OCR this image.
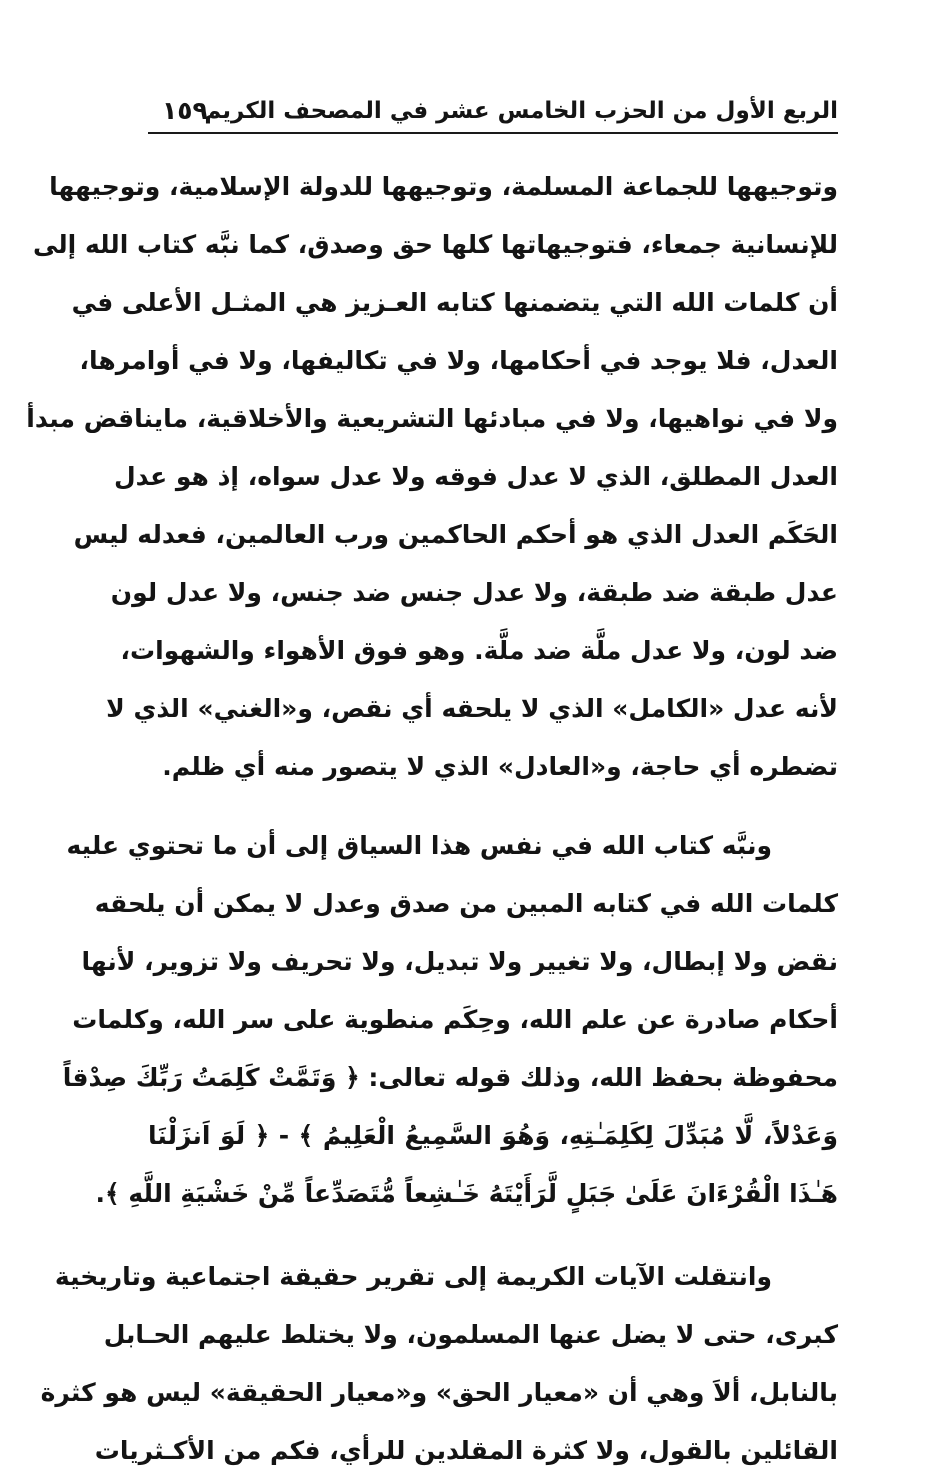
الربع الأول من الحزب الخامس عشر في المصحف الكريم
١٥٩
وتوجيهها للجماعة المسلمة، وتوجيهها للدولة الإسلامية، وتوجيهها
للإنسانية جمعاء، فتوجيهاتها كلها حق وصدق، كما نبَّه كتاب الله إلى
أن كلمات الله التي يتضمنها كتابه العـزيز هي المثـل الأعلى في
العدل، فلا يوجد في أحكامها، ولا في تكاليفها، ولا في أوامرها،
ولا في نواهيها، ولا في مبادئها التشريعية والأخلاقية، مايناقض مبدأ
العدل المطلق، الذي لا عدل فوقه ولا عدل سواه، إذ هو عدل
الحَكَم العدل الذي هو أحكم الحاكمين ورب العالمين، فعدله ليس
عدل طبقة ضد طبقة، ولا عدل جنس ضد جنس، ولا عدل لون
ضد لون، ولا عدل ملَّة ضد ملَّة. وهو فوق الأهواء والشهوات،
لأنه عدل «الكامل» الذي لا يلحقه أي نقص، و«الغني» الذي لا
تضطره أي حاجة، و«العادل» الذي لا يتصور منه أي ظلم.
ونبَّه كتاب الله في نفس هذا السياق إلى أن ما تحتوي عليه
كلمات الله في كتابه المبين من صدق وعدل لا يمكن أن يلحقه
نقض ولا إبطال، ولا تغيير ولا تبديل، ولا تحريف ولا تزوير، لأنها
أحكام صادرة عن علم الله، وحِكَم منطوية على سر الله، وكلمات
محفوظة بحفظ الله، وذلك قوله تعالى: ﴿ وَتَمَّتْ كَلِمَتُ رَبِّكَ صِدْقاً
وَعَدْلاً، لَّا مُبَدِّلَ لِكَلِمَـٰتِهِ، وَهُوَ السَّمِيعُ الْعَلِيمُ ﴾ - ﴿ لَوَ اَنزَلْنَا
هَـٰذَا الْقُرْءَانَ عَلَىٰ جَبَلٍ لَّرَأَيْتَهُ خَـٰشِعاً مُّتَصَدِّعاً مِّنْ خَشْيَةِ اللَّهِ ﴾.
وانتقلت الآيات الكريمة إلى تقرير حقيقة اجتماعية وتاريخية
كبرى، حتى لا يضل عنها المسلمون، ولا يختلط عليهم الحـابل
بالنابل، ألاَ وهي أن «معيار الحق» و«معيار الحقيقة» ليس هو كثرة
القائلين بالقول، ولا كثرة المقلدين للرأي، فكم من الأكـثريات
